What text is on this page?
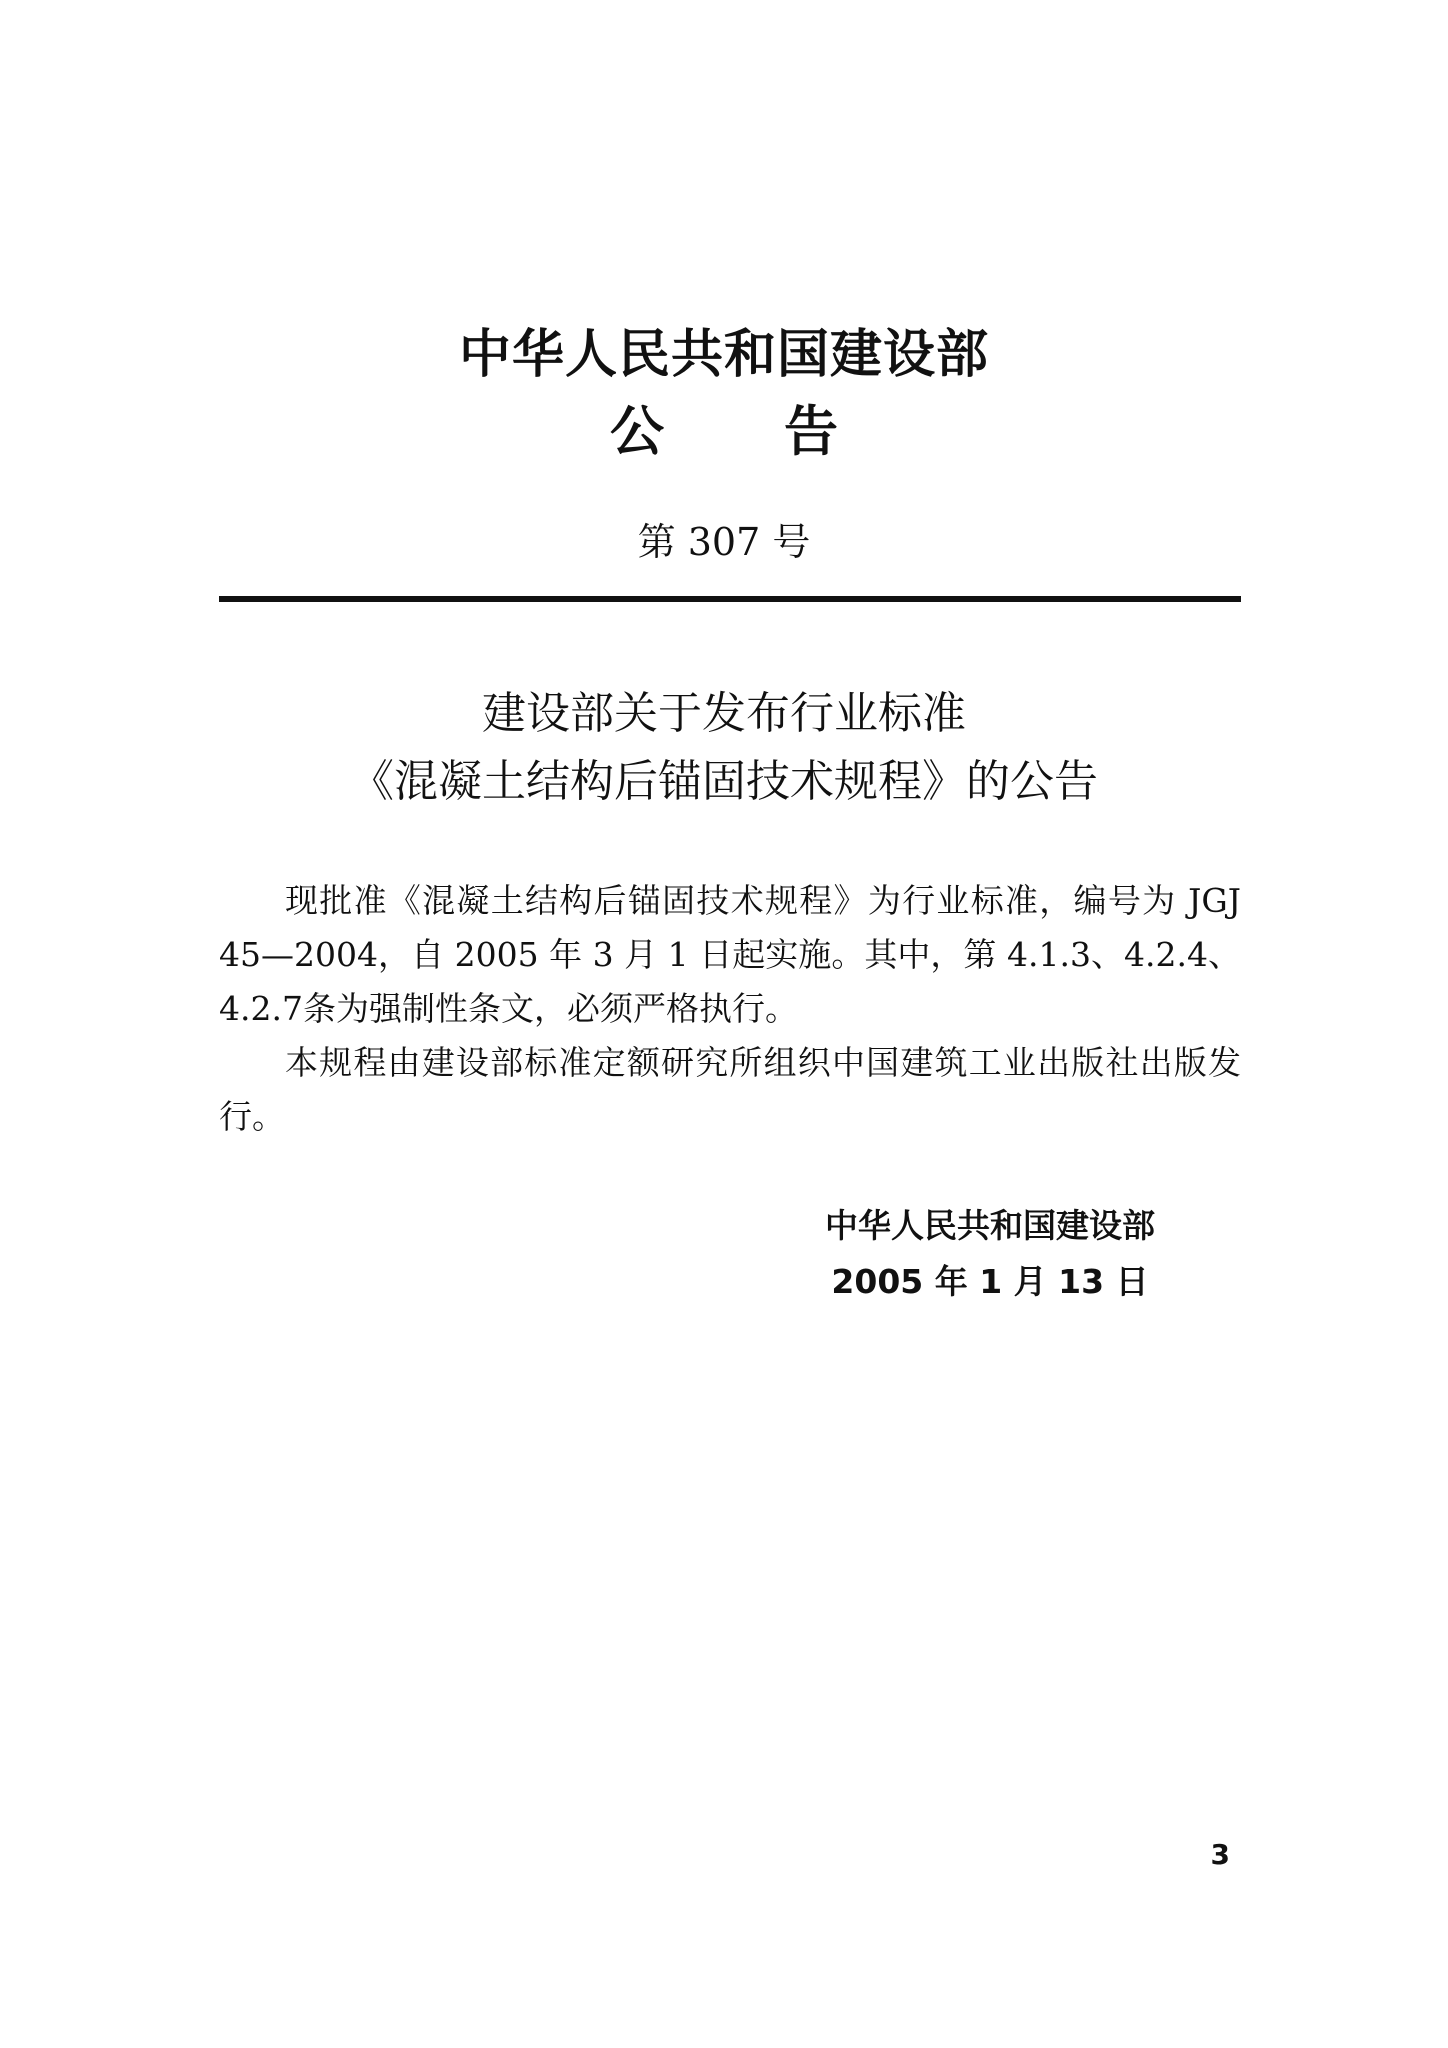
中华人民共和国建设部
公告
第 307 号
建设部关于发布行业标准
《混凝土结构后锚固技术规程》的公告

现批准《混凝土结构后锚固技术规程》为行业标准，编号为 JGJ 45—2004，自 2005 年 3 月 1 日起实施。其中，第 4.1.3、4.2.4、4.2.7条为强制性条文，必须严格执行。

本规程由建设部标准定额研究所组织中国建筑工业出版社出版发行。

中华人民共和国建设部
2005 年 1 月 13 日
3
